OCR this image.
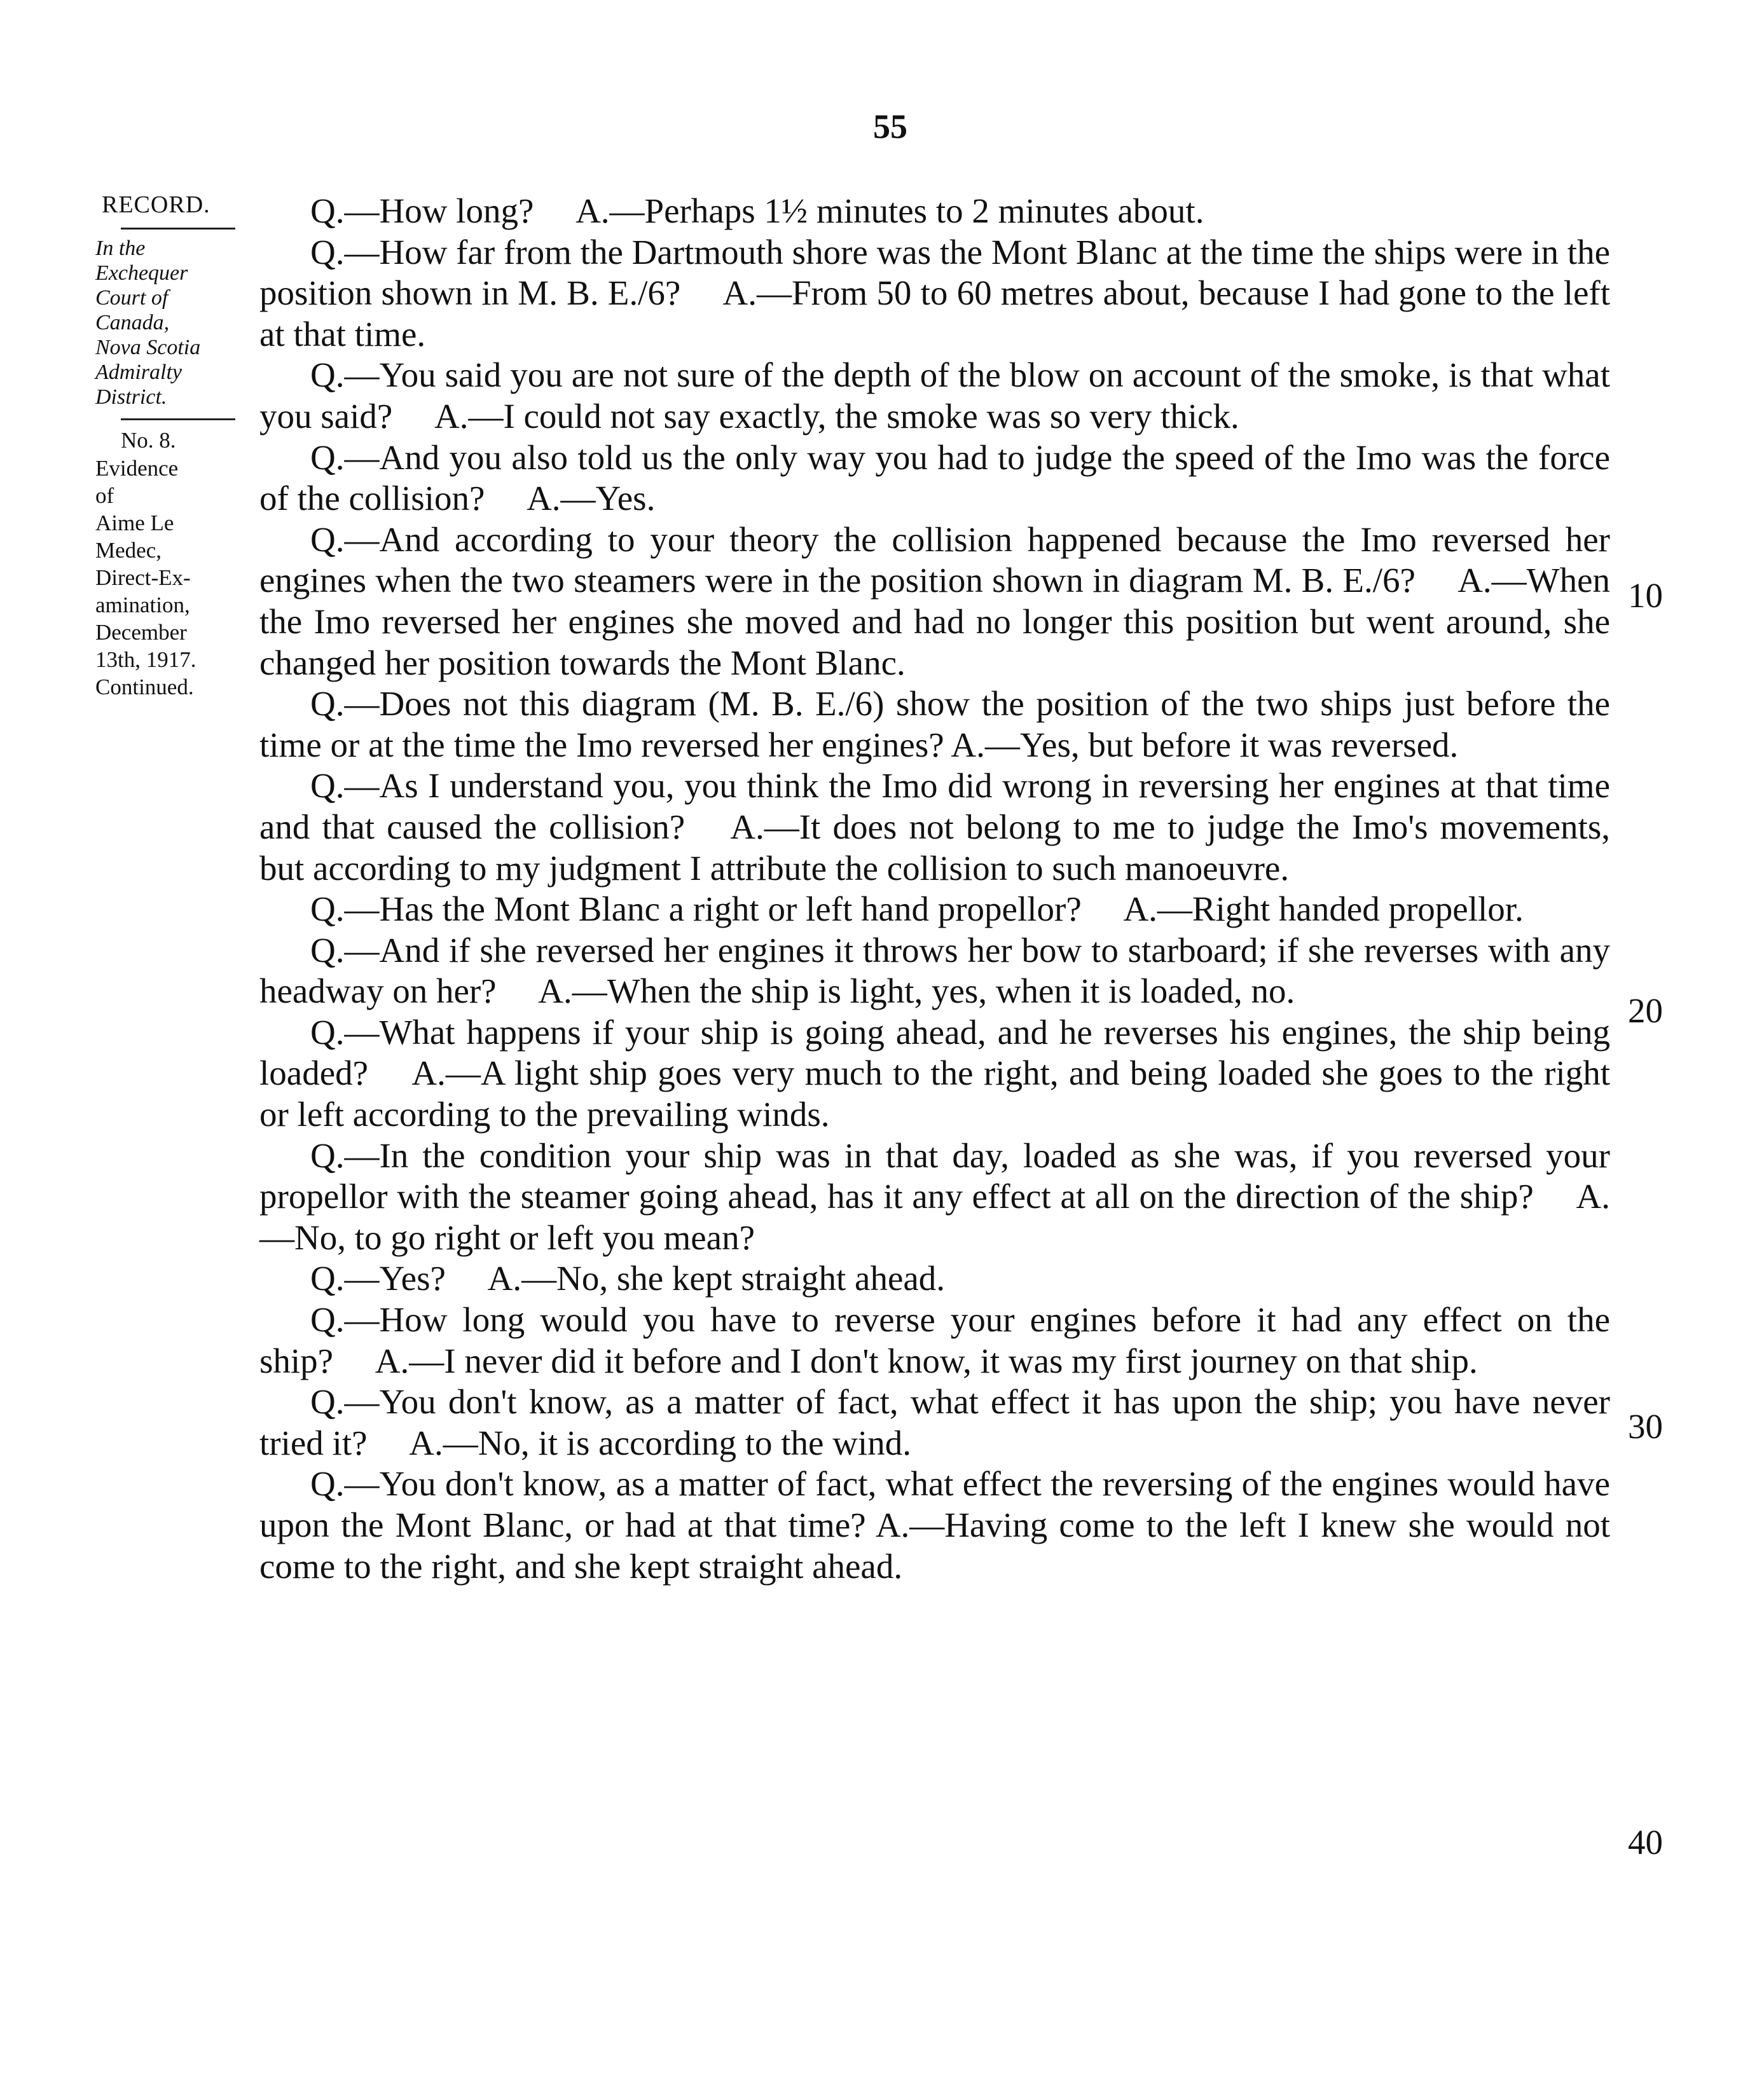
55
RECORD.
In the
Exchequer
Court of
Canada,
Nova Scotia
Admiralty
District.
No. 8.
Evidence
of
Aime Le
Medec,
Direct-Ex-
amination,
December
13th, 1917.
Continued.

Q.—How long?  A.—Perhaps 1½ minutes to 2 minutes about.

Q.—How far from the Dartmouth shore was the Mont Blanc at the time the ships were in the position shown in M. B. E./6?  A.—From 50 to 60 metres about, because I had gone to the left at that time.

Q.—You said you are not sure of the depth of the blow on account of the smoke, is that what you said?  A.—I could not say exactly, the smoke was so very thick.

Q.—And you also told us the only way you had to judge the speed of the Imo was the force of the collision?  A.—Yes.

Q.—And according to your theory the collision happened because the Imo reversed her engines when the two steamers were in the position shown in diagram M. B. E./6?  A.—When the Imo reversed her engines she moved and had no longer this position but went around, she changed her position towards the Mont Blanc.

Q.—Does not this diagram (M. B. E./6) show the position of the two ships just before the time or at the time the Imo reversed her engines? A.—Yes, but before it was reversed.

Q.—As I understand you, you think the Imo did wrong in reversing her engines at that time and that caused the collision?  A.—It does not belong to me to judge the Imo's movements, but according to my judgment I attribute the collision to such manoeuvre.

Q.—Has the Mont Blanc a right or left hand propellor?  A.—Right handed propellor.

Q.—And if she reversed her engines it throws her bow to starboard; if she reverses with any headway on her?  A.—When the ship is light, yes, when it is loaded, no.

Q.—What happens if your ship is going ahead, and he reverses his engines, the ship being loaded?  A.—A light ship goes very much to the right, and being loaded she goes to the right or left according to the prevailing winds.

Q.—In the condition your ship was in that day, loaded as she was, if you reversed your propellor with the steamer going ahead, has it any effect at all on the direction of the ship?  A.—No, to go right or left you mean?

Q.—Yes?  A.—No, she kept straight ahead.

Q.—How long would you have to reverse your engines before it had any effect on the ship?  A.—I never did it before and I don't know, it was my first journey on that ship.

Q.—You don't know, as a matter of fact, what effect it has upon the ship; you have never tried it?  A.—No, it is according to the wind.

Q.—You don't know, as a matter of fact, what effect the reversing of the engines would have upon the Mont Blanc, or had at that time? A.—Having come to the left I knew she would not come to the right, and she kept straight ahead.

10
20
30
40
